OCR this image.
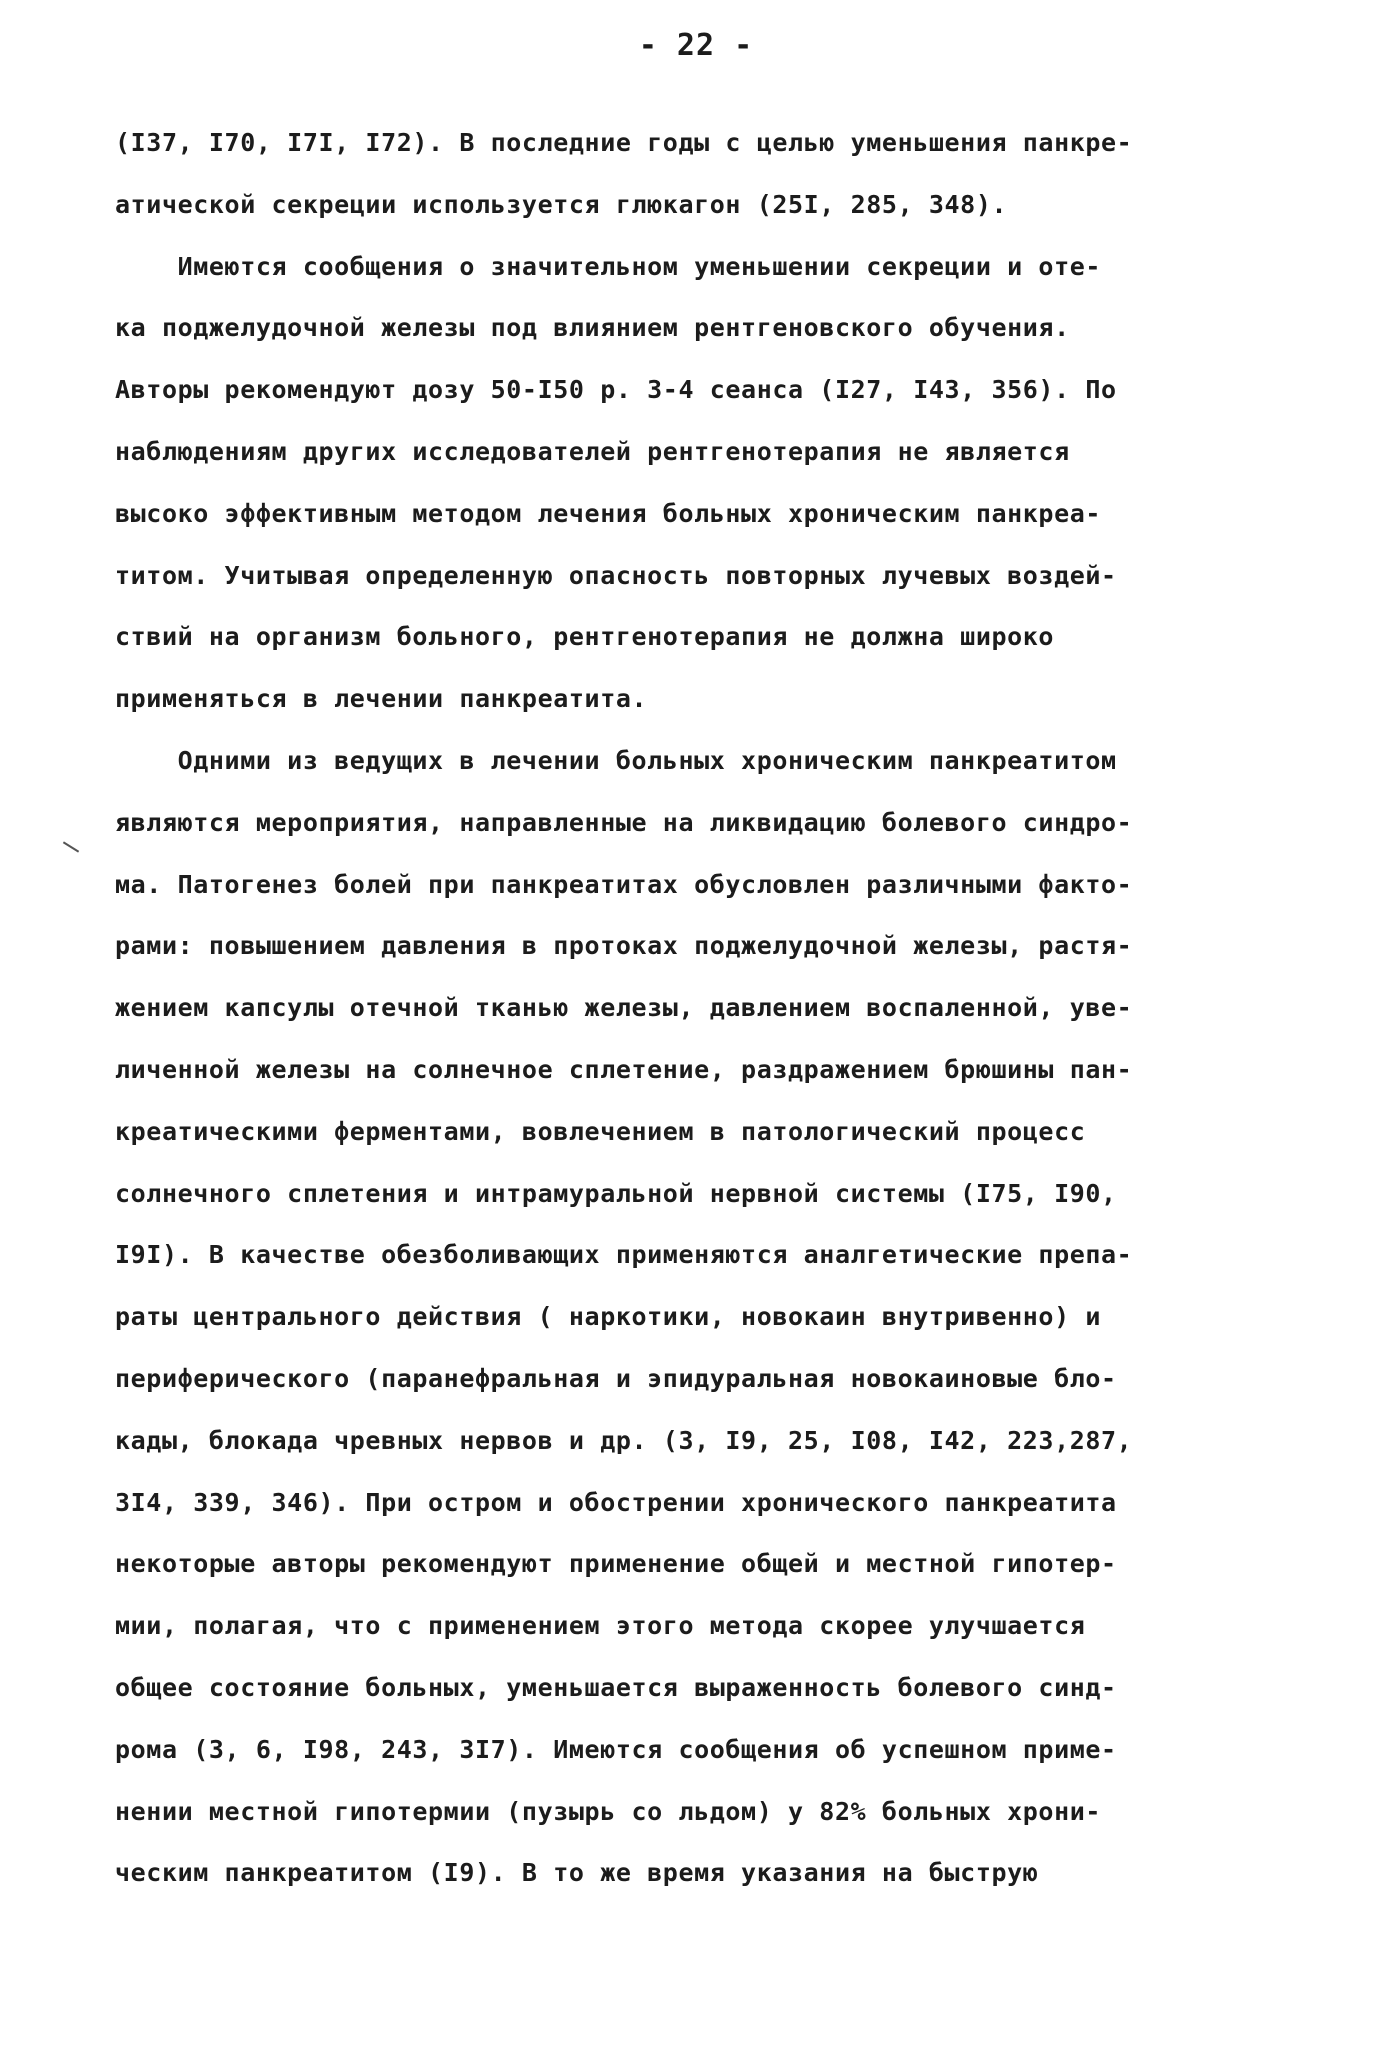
- 22 -
(I37, I70, I7I, I72). В последние годы с целью уменьшения панкре-
атической секреции используется глюкагон (25I, 285, 348).
Имеются сообщения о значительном уменьшении секреции и оте-
ка поджелудочной железы под влиянием рентгеновского обучения.
Авторы рекомендуют дозу 50-I50 р. 3-4 сеанса (I27, I43, 356). По
наблюдениям других исследователей рентгенотерапия не является
высоко эффективным методом лечения больных хроническим панкреа-
титом. Учитывая определенную опасность повторных лучевых воздей-
ствий на организм больного, рентгенотерапия не должна широко
применяться в лечении панкреатита.
Одними из ведущих в лечении больных хроническим панкреатитом
являются мероприятия, направленные на ликвидацию болевого синдро-
ма. Патогенез болей при панкреатитах обусловлен различными факто-
рами: повышением давления в протоках поджелудочной железы, растя-
жением капсулы отечной тканью железы, давлением воспаленной, уве-
личенной железы на солнечное сплетение, раздражением брюшины пан-
креатическими ферментами, вовлечением в патологический процесс
солнечного сплетения и интрамуральной нервной системы (I75, I90,
I9I). В качестве обезболивающих применяются аналгетические препа-
раты центрального действия ( наркотики, новокаин внутривенно) и
периферического (паранефральная и эпидуральная новокаиновые бло-
кады, блокада чревных нервов и др. (3, I9, 25, I08, I42, 223,287,
3I4, 339, 346). При остром и обострении хронического панкреатита
некоторые авторы рекомендуют применение общей и местной гипотер-
мии, полагая, что с применением этого метода скорее улучшается
общее состояние больных, уменьшается выраженность болевого синд-
рома (3, 6, I98, 243, 3I7). Имеются сообщения об успешном приме-
нении местной гипотермии (пузырь со льдом) у 82% больных хрони-
ческим панкреатитом (I9). В то же время указания на быструю
